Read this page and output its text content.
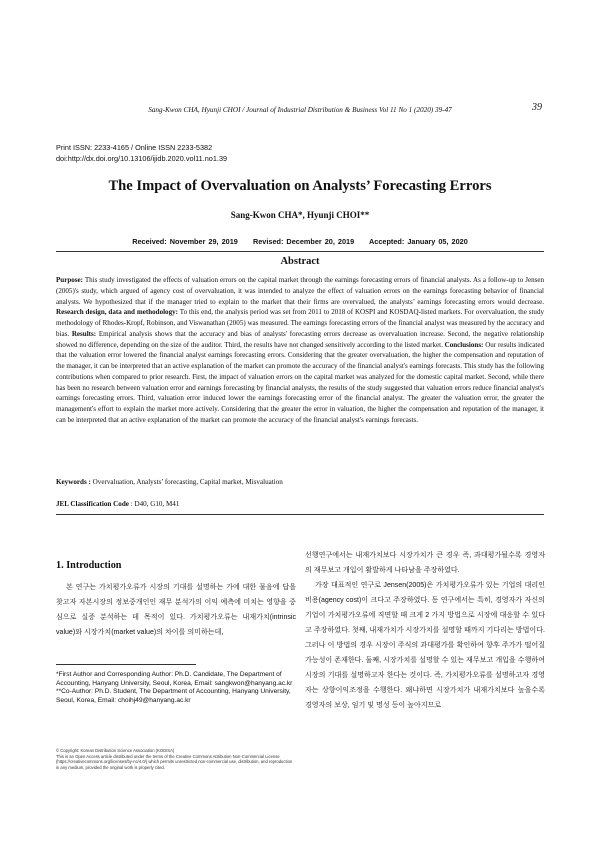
Sang-Kwon CHA, Hyunji CHOI / Journal of Industrial Distribution & Business Vol 11 No 1 (2020) 39-47	39
Print ISSN: 2233-4165 / Online ISSN 2233-5382
doi:http://dx.doi.org/10.13106/ijidb.2020.vol11.no1.39
The Impact of Overvaluation on Analysts’ Forecasting Errors
Sang-Kwon CHA*, Hyunji CHOI**
Received: November 29, 2019 Revised: December 20, 2019 Accepted: January 05, 2020
Abstract
Purpose: This study investigated the effects of valuation errors on the capital market through the earnings forecasting errors of financial analysts. As a follow-up to Jensen (2005)'s study, which argued of agency cost of overvaluation, it was intended to analyze the effect of valuation errors on the earnings forecasting behavior of financial analysts. We hypothesized that if the manager tried to explain to the market that their firms are overvalued, the analysts’ earnings forecasting errors would decrease. Research design, data and methodology: To this end, the analysis period was set from 2011 to 2018 of KOSPI and KOSDAQ-listed markets. For overvaluation, the study methodology of Rhodes-Kropf, Robinson, and Viswanathan (2005) was measured. The earnings forecasting errors of the financial analyst was measured by the accuracy and bias. Results: Empirical analysis shows that the accuracy and bias of analysts' forecasting errors decrease as overvaluation increase. Second, the negative relationship showed no difference, depending on the size of the auditor. Third, the results have not changed sensitively according to the listed market. Conclusions: Our results indicated that the valuation error lowered the financial analyst earnings forecasting errors. Considering that the greater overvaluation, the higher the compensation and reputation of the manager, it can be interpreted that an active explanation of the market can promote the accuracy of the financial analyst's earnings forecasts. This study has the following contributions when compared to prior research. First, the impact of valuation errors on the capital market was analyzed for the domestic capital market. Second, while there has been no research between valuation error and earnings forecasting by financial analysts, the results of the study suggested that valuation errors reduce financial analyst's earnings forecasting errors. Third, valuation error induced lower the earnings forecasting error of the financial analyst. The greater the valuation error, the greater the management's effort to explain the market more actively. Considering that the greater the error in valuation, the higher the compensation and reputation of the manager, it can be interpreted that an active explanation of the market can promote the accuracy of the financial analyst's earnings forecasts.
Keywords : Overvaluation, Analysts’ forecasting, Capital market, Misvaluation
JEL Classification Code : D40, G10, M41
1. Introduction

본 연구는 가치평가오류가 시장의 기대를 설명하는 가에 대한 물음에 답을 찾고자 자본시장의 정보중개인인 재무 분석가의 이익 예측에 미치는 영향을 중심으로 실증 분석하는 데 목적이 있다. 가치평가오류는 내재가치(intrinsic value)와 시장가치(market value)의 차이를 의미하는데,

선행연구에서는 내재가치보다 시장가치가 큰 경우 즉, 과대평가될수록 경영자의 재무보고 개입이 활발하게 나타남을 주장하였다.

가장 대표적인 연구로 Jensen(2005)은 가치평가오류가 있는 기업의 대리인 비용(agency cost)이 크다고 주장하였다. 동 연구에서는 특히, 경영자가 자신의 기업이 가치평가오류에 직면할 때 크게 2 가지 방법으로 시장에 대응할 수 있다고 주장하였다. 첫째, 내재가치가 시장가치를 설명할 때까지 기다리는 방법이다. 그러나 이 방법의 경우 시장이 주식의 과대평가를 확인하여 향후 주가가 떨어질 가능성이 존재한다. 둘째, 시장가치를 설명할 수 있는 재무보고 개입을 수행하여 시장의 기대를 설명하고자 한다는 것이다. 즉, 가치평가오류를 설명하고자 경영자는 상향이익조정을 수행한다. 왜냐하면 시장가치가 내재가치보다 높을수록 경영자의 보상, 임기 및 명성 등이 높아지므로

*First Author and Corresponding Author: Ph.D. Candidate, The Department of Accounting, Hanyang University, Seoul, Korea, Email: sangkwon@hanyang.ac.kr

**Co-Author: Ph.D. Student, The Department of Accounting, Hanyang University, Seoul, Korea, Email: choihj49@hanyang.ac.kr

© Copyright: Korean Distribution Science Association (KODISA)

This is an Open Access article distributed under the terms of the Creative Commons Attribution Non-Commercial License (https://creativecommons.org/licenses/by-nc/4.0/) which permits unrestricted non-commercial use, distribution, and reproduction in any medium, provided the original work is properly cited.
